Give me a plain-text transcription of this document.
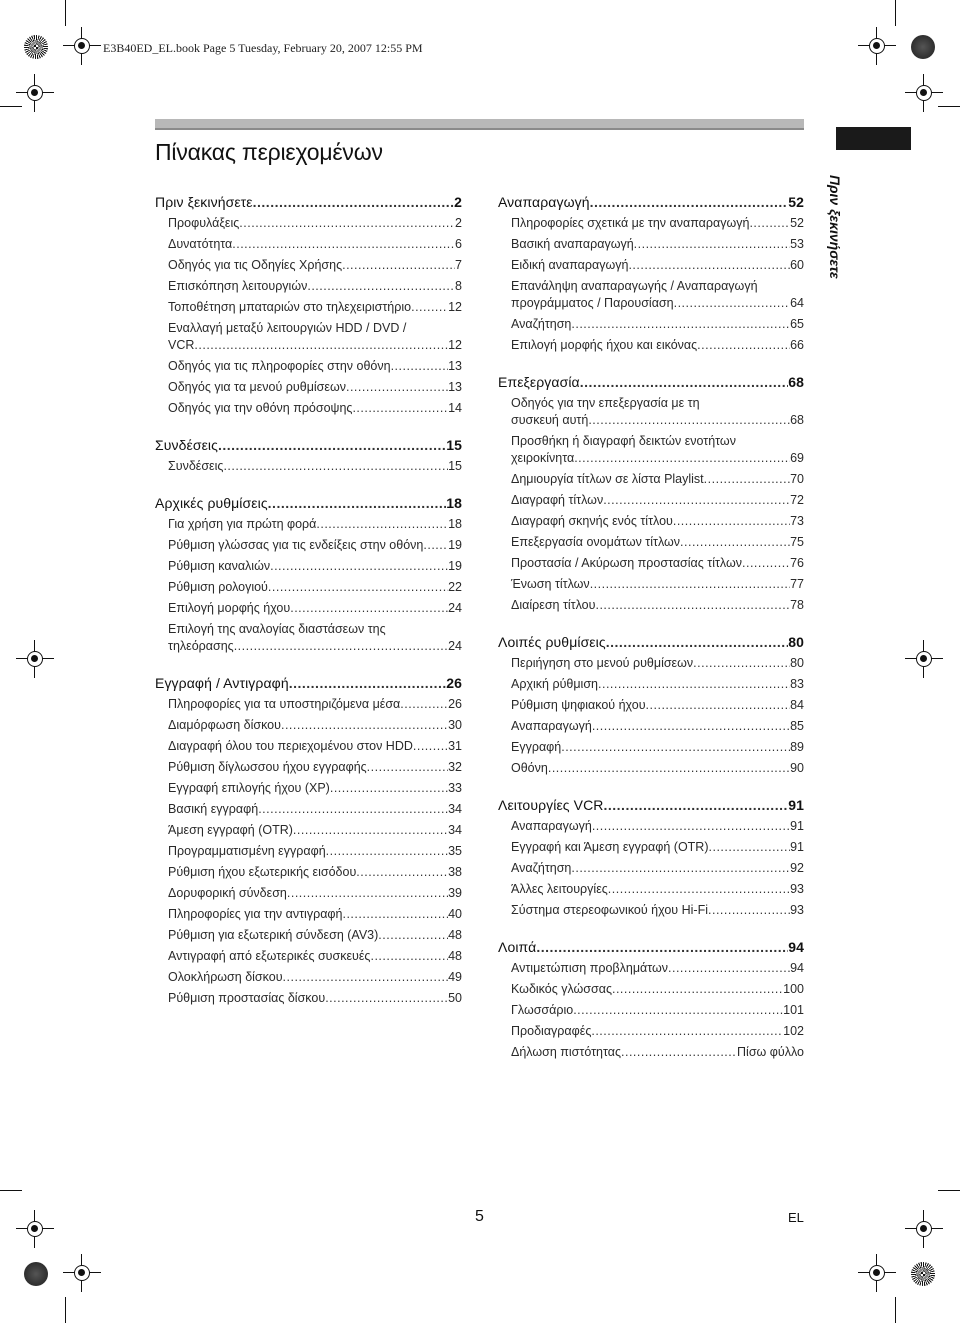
E3B40ED_EL.book Page 5 Tuesday, February 20, 2007 12:55 PM
Πίνακας περιεχομένων
Πριν ξεκινήσετε
Πριν ξεκινήσετε .....	2
Προφυλάξεις .....	2
Δυνατότητα .....	6
Οδηγός για τις Οδηγίες Χρήσης .....	7
Επισκόπηση λειτουργιών .....	8
Τοποθέτηση μπαταριών στο τηλεχειριστήριο .....	12
Εναλλαγή μεταξύ λειτουργιών HDD / DVD /
VCR .....	12
Οδηγός για τις πληροφορίες στην οθόνη .....	13
Οδηγός για τα μενού ρυθμίσεων .....	13
Οδηγός για την οθόνη πρόσοψης .....	14
Συνδέσεις .....	15
Συνδέσεις .....	15
Αρχικές ρυθμίσεις .....	18
Για χρήση για πρώτη φορά .....	18
Ρύθμιση γλώσσας για τις ενδείξεις στην οθόνη ..... 19
Ρύθμιση καναλιών .....	19
Ρύθμιση ρολογιού .....	22
Επιλογή μορφής ήχου .....	24
Επιλογή της αναλογίας διαστάσεων της
τηλεόρασης .....	24
Εγγραφή / Αντιγραφή .....	26
Πληροφορίες για τα υποστηριζόμενα μέσα .....	26
Διαμόρφωση δίσκου .....	30
Διαγραφή όλου του περιεχομένου στον HDD .....	31
Ρύθμιση δίγλωσσου ήχου εγγραφής .....	32
Εγγραφή επιλογής ήχου (XP) .....	33
Βασική εγγραφή .....	34
Άμεση εγγραφή (OTR) .....	34
Προγραμματισμένη εγγραφή .....	35
Ρύθμιση ήχου εξωτερικής εισόδου .....	38
Δορυφορική σύνδεση .....	39
Πληροφορίες για την αντιγραφή .....	40
Ρύθμιση για εξωτερική σύνδεση (AV3) .....	48
Αντιγραφή από εξωτερικές συσκευές .....	48
Ολοκλήρωση δίσκου .....	49
Ρύθμιση προστασίας δίσκου .....	50
Αναπαραγωγή .....	52
Πληροφορίες σχετικά με την αναπαραγωγή .....	52
Βασική αναπαραγωγή .....	53
Ειδική αναπαραγωγή .....	60
Επανάληψη αναπαραγωγής / Αναπαραγωγή
προγράμματος / Παρουσίαση .....	64
Αναζήτηση .....	65
Επιλογή μορφής ήχου και εικόνας .....	66
Επεξεργασία .....	68
Οδηγός για την επεξεργασία με τη
συσκευή αυτή .....	68
Προσθήκη ή διαγραφή δεικτών ενοτήτων
χειροκίνητα .....	69
Δημιουργία τίτλων σε λίστα Playlist .....	70
Διαγραφή τίτλων .....	72
Διαγραφή σκηνής ενός τίτλου .....	73
Επεξεργασία ονομάτων τίτλων .....	75
Προστασία / Ακύρωση προστασίας τίτλων .....	76
Ένωση τίτλων .....	77
Διαίρεση τίτλου .....	78
Λοιπές ρυθμίσεις .....	80
Περιήγηση στο μενού ρυθμίσεων .....	80
Αρχική ρύθμιση .....	83
Ρύθμιση ψηφιακού ήχου .....	84
Αναπαραγωγή .....	85
Εγγραφή .....	89
Οθόνη .....	90
Λειτουργίες VCR .....	91
Αναπαραγωγή .....	91
Εγγραφή και Άμεση εγγραφή (OTR) .....	91
Αναζήτηση .....	92
Άλλες λειτουργίες .....	93
Σύστημα στερεοφωνικού ήχου Hi-Fi .....	93
Λοιπά .....	94
Αντιμετώπιση προβλημάτων .....	94
Κωδικός γλώσσας .....	100
Γλωσσάριο .....	101
Προδιαγραφές .....	102
Δήλωση πιστότητας .....	Πίσω φύλλο
5	EL
